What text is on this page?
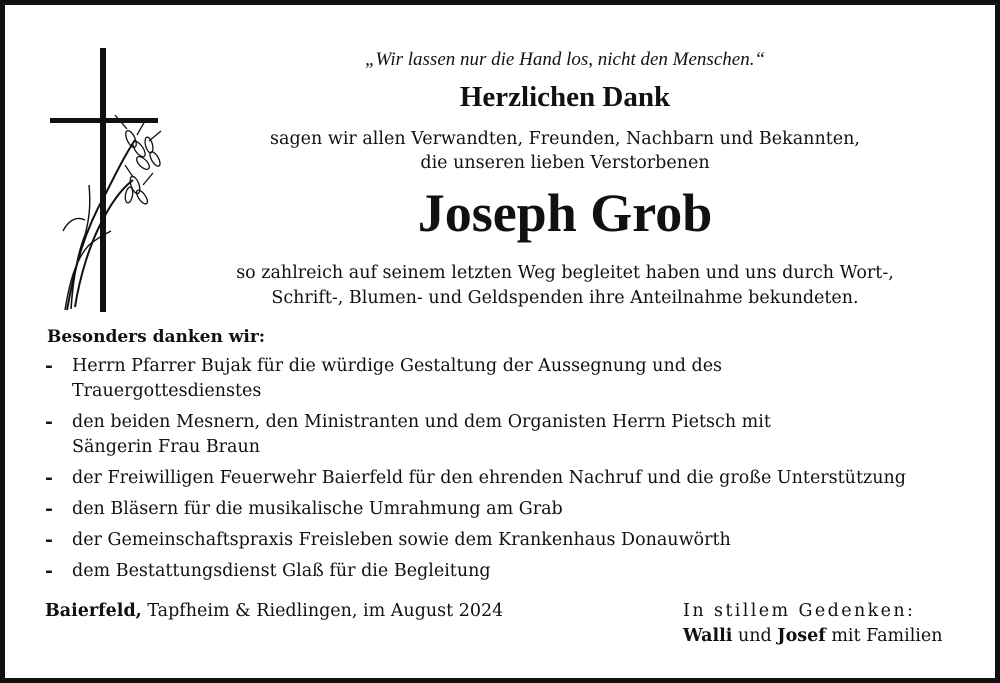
„Wir lassen nur die Hand los, nicht den Menschen.“
Herzlichen Dank
sagen wir allen Verwandten, Freunden, Nachbarn und Bekannten,
die unseren lieben Verstorbenen
Joseph Grob
so zahlreich auf seinem letzten Weg begleitet haben und uns durch Wort-,
Schrift-, Blumen- und Geldspenden ihre Anteilnahme bekundeten.
Besonders danken wir:
- Herrn Pfarrer Bujak für die würdige Gestaltung der Aussegnung und des
Trauergottesdienstes
- den beiden Mesnern, den Ministranten und dem Organisten Herrn Pietsch mit
Sängerin Frau Braun
- der Freiwilligen Feuerwehr Baierfeld für den ehrenden Nachruf und die große Unterstützung
- den Bläsern für die musikalische Umrahmung am Grab
- der Gemeinschaftspraxis Freisleben sowie dem Krankenhaus Donauwörth
- dem Bestattungsdienst Glaß für die Begleitung
Baierfeld, Tapfheim & Riedlingen, im August 2024	In stillem Gedenken:
Walli und Josef mit Familien
